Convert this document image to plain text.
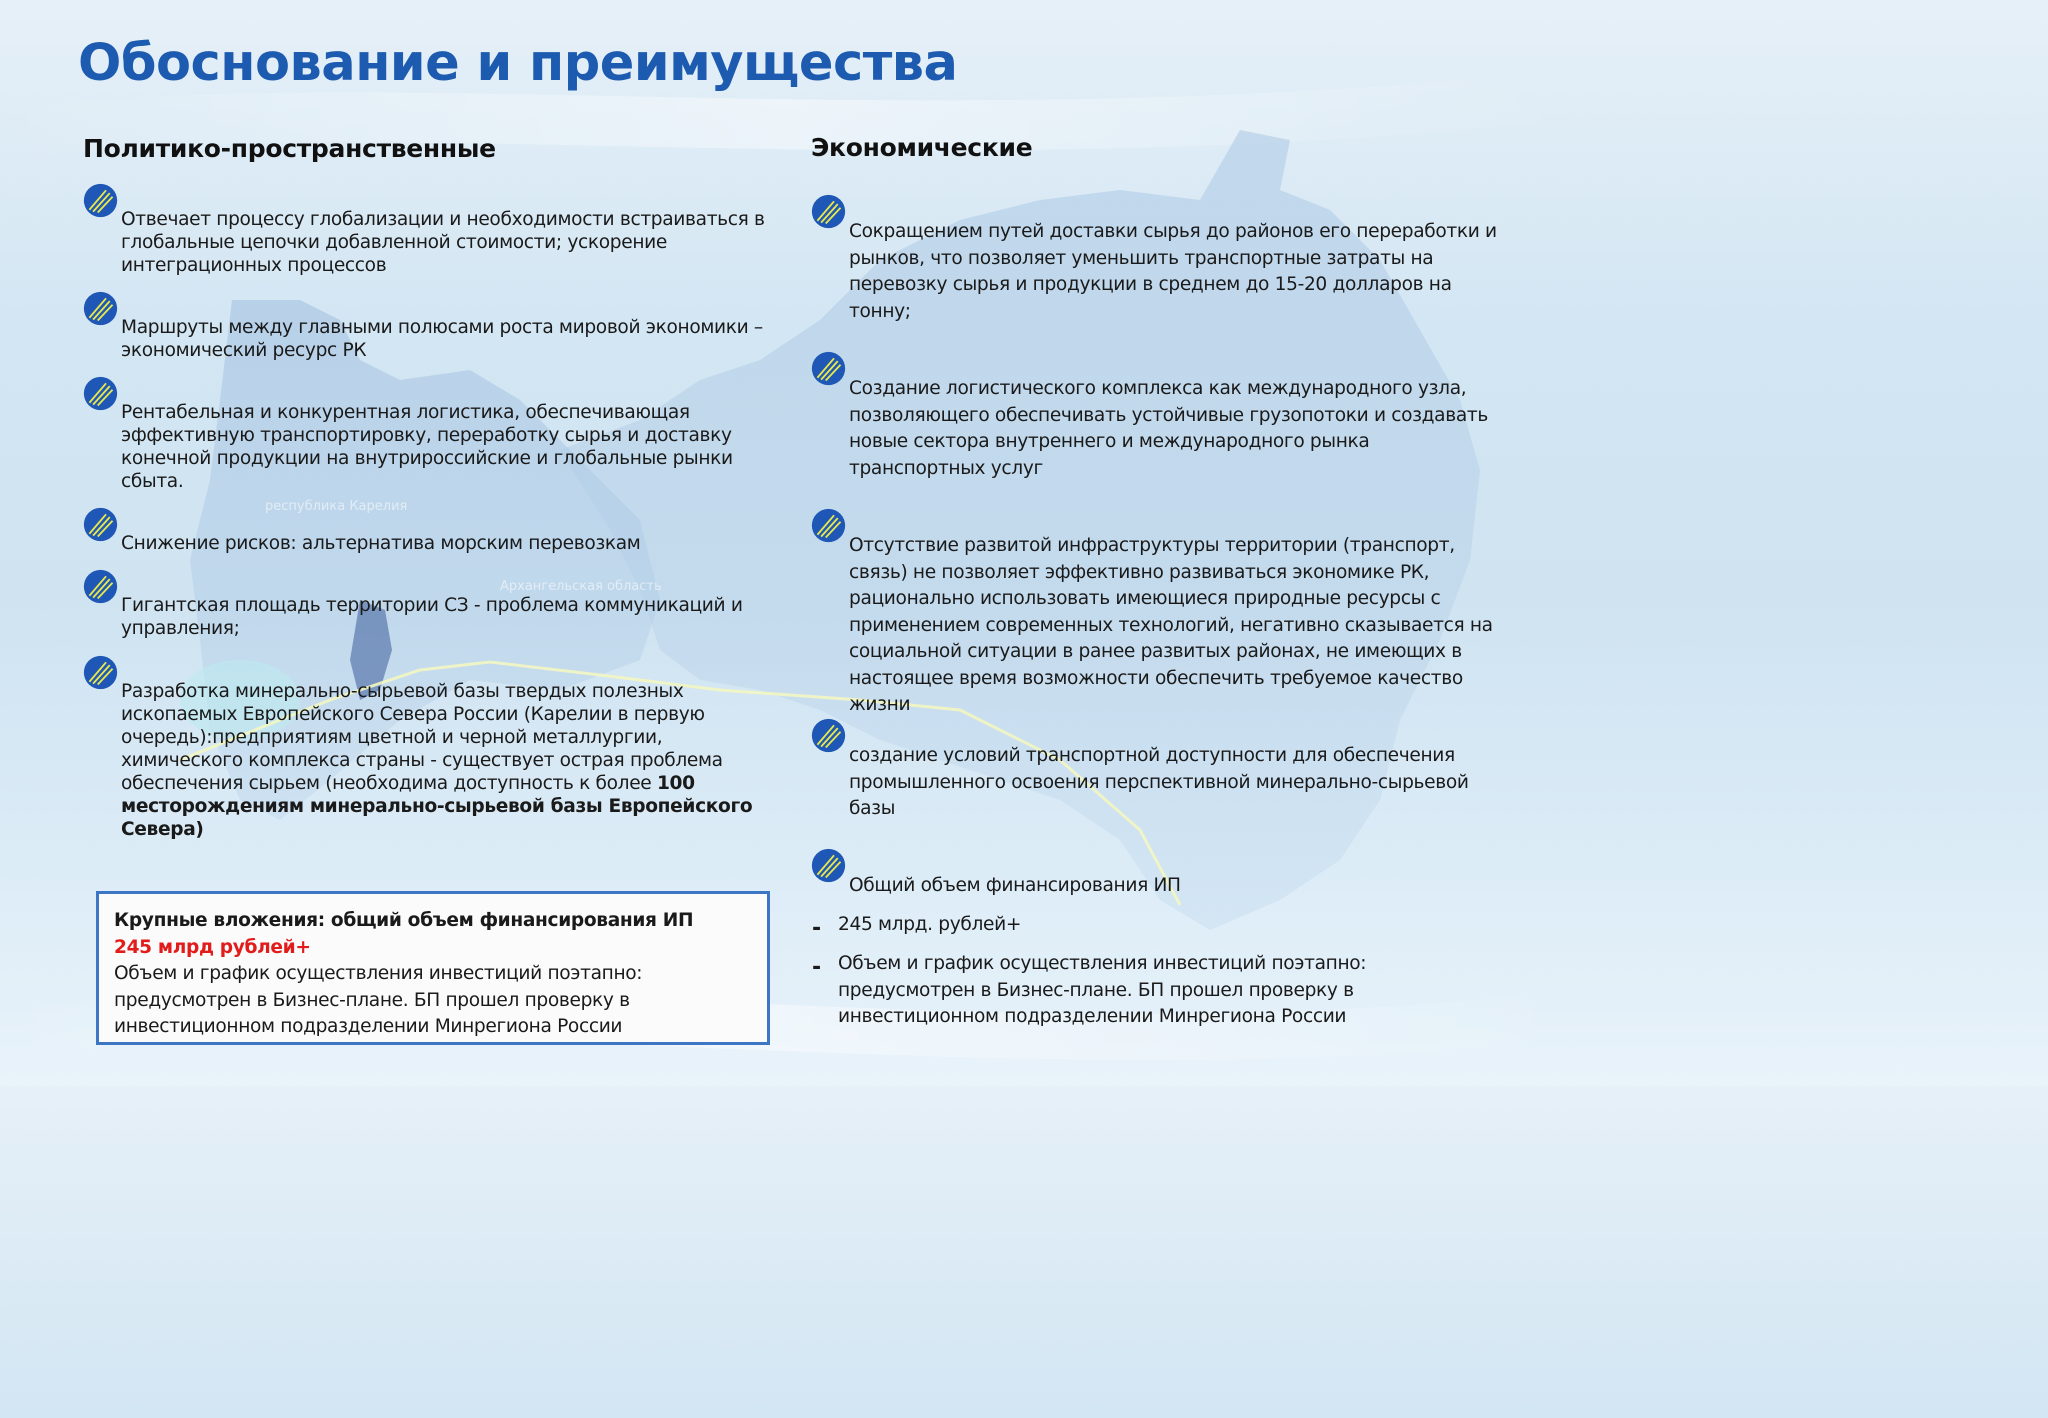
республика Карелия
Архангельская область
Обоснование и преимущества
Политико-пространственные	Экономические
Отвечает процессу глобализации и необходимости встраиваться в глобальные цепочки добавленной стоимости; ускорение интеграционных процессов
Маршруты между главными полюсами роста мировой экономики – экономический ресурс РК
Рентабельная и конкурентная логистика, обеспечивающая эффективную транспортировку, переработку сырья и доставку конечной продукции на внутрироссийские и глобальные рынки сбыта.
Снижение рисков: альтернатива морским перевозкам
Гигантская площадь территории СЗ - проблема коммуникаций и управления;
Разработка минерально-сырьевой базы твердых полезных ископаемых Европейского Севера России (Карелии в первую очередь):предприятиям цветной и черной металлургии, химического комплекса страны - существует острая проблема обеспечения сырьем (необходима доступность к более 100 месторождениям минерально-сырьевой базы Европейского Севера)
Сокращением путей доставки сырья до районов его переработки и рынков, что позволяет уменьшить транспортные затраты на перевозку сырья и продукции в среднем до 15-20 долларов на тонну;
Создание логистического комплекса как международного узла, позволяющего обеспечивать устойчивые грузопотоки и создавать новые сектора внутреннего и международного рынка транспортных услуг
Отсутствие развитой инфраструктуры территории (транспорт, связь) не позволяет эффективно развиваться экономике РК, рационально использовать имеющиеся природные ресурсы с применением современных технологий, негативно сказывается на социальной ситуации в ранее развитых районах, не имеющих в настоящее время возможности обеспечить требуемое качество жизни
создание условий транспортной доступности для обеспечения промышленного освоения перспективной минерально-сырьевой базы
Общий объем финансирования ИП
- 245 млрд. рублей+
- Объем и график осуществления инвестиций поэтапно: предусмотрен в Бизнес-плане. БП прошел проверку в инвестиционном подразделении Минрегиона России
Крупные вложения: общий объем финансирования ИП
245 млрд рублей+
Объем и график осуществления инвестиций поэтапно: предусмотрен в Бизнес-плане. БП прошел проверку в инвестиционном подразделении Минрегиона России
